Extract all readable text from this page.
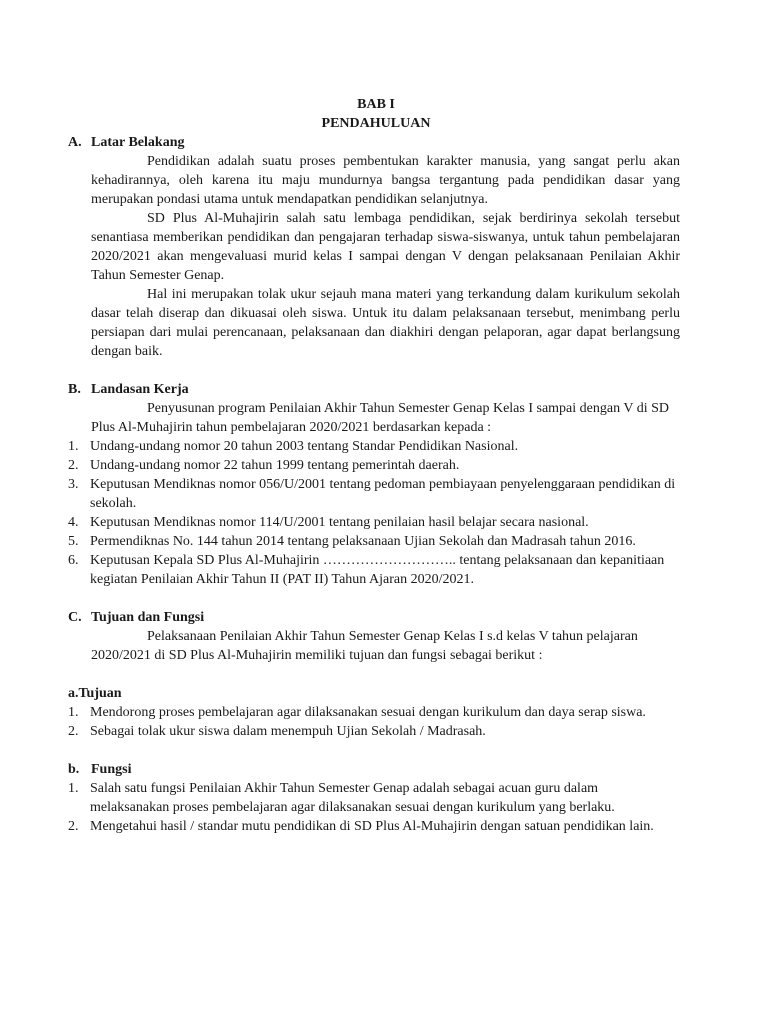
BAB I
PENDAHULUAN
A. Latar Belakang
Pendidikan adalah suatu proses pembentukan karakter manusia, yang sangat perlu akan kehadirannya, oleh karena itu maju mundurnya bangsa tergantung pada pendidikan dasar yang merupakan pondasi utama untuk mendapatkan pendidikan selanjutnya.
SD Plus Al-Muhajirin salah satu lembaga pendidikan, sejak berdirinya sekolah tersebut senantiasa memberikan pendidikan dan pengajaran terhadap siswa-siswanya, untuk tahun pembelajaran 2020/2021 akan mengevaluasi murid kelas I sampai dengan V dengan pelaksanaan Penilaian Akhir Tahun Semester Genap.
Hal ini merupakan tolak ukur sejauh mana materi yang terkandung dalam kurikulum sekolah dasar telah diserap dan dikuasai oleh siswa. Untuk itu dalam pelaksanaan tersebut, menimbang perlu persiapan dari mulai perencanaan, pelaksanaan dan diakhiri dengan pelaporan, agar dapat berlangsung dengan baik.
B. Landasan Kerja
Penyusunan program Penilaian Akhir Tahun Semester Genap Kelas I sampai dengan V di SD Plus Al-Muhajirin tahun pembelajaran 2020/2021 berdasarkan kepada :
1. Undang-undang nomor 20 tahun 2003 tentang Standar Pendidikan Nasional.
2. Undang-undang nomor 22 tahun 1999 tentang pemerintah daerah.
3. Keputusan Mendiknas nomor 056/U/2001 tentang pedoman pembiayaan penyelenggaraan pendidikan di sekolah.
4. Keputusan Mendiknas nomor 114/U/2001 tentang penilaian hasil belajar secara nasional.
5. Permendiknas No. 144 tahun 2014 tentang pelaksanaan Ujian Sekolah dan Madrasah tahun 2016.
6. Keputusan Kepala SD Plus Al-Muhajirin ……………………….. tentang pelaksanaan dan kepanitiaan kegiatan Penilaian Akhir Tahun II (PAT II) Tahun Ajaran 2020/2021.
C. Tujuan dan Fungsi
Pelaksanaan Penilaian Akhir Tahun Semester Genap Kelas I s.d kelas V tahun pelajaran 2020/2021 di SD Plus Al-Muhajirin memiliki tujuan dan fungsi sebagai berikut :
a.Tujuan
1. Mendorong proses pembelajaran agar dilaksanakan sesuai dengan kurikulum dan daya serap siswa.
2. Sebagai tolak ukur siswa dalam menempuh Ujian Sekolah / Madrasah.
b. Fungsi
1. Salah satu fungsi Penilaian Akhir Tahun Semester Genap adalah sebagai acuan guru dalam melaksanakan proses pembelajaran agar dilaksanakan sesuai dengan kurikulum yang berlaku.
2. Mengetahui hasil / standar mutu pendidikan di SD Plus Al-Muhajirin dengan satuan pendidikan lain.
